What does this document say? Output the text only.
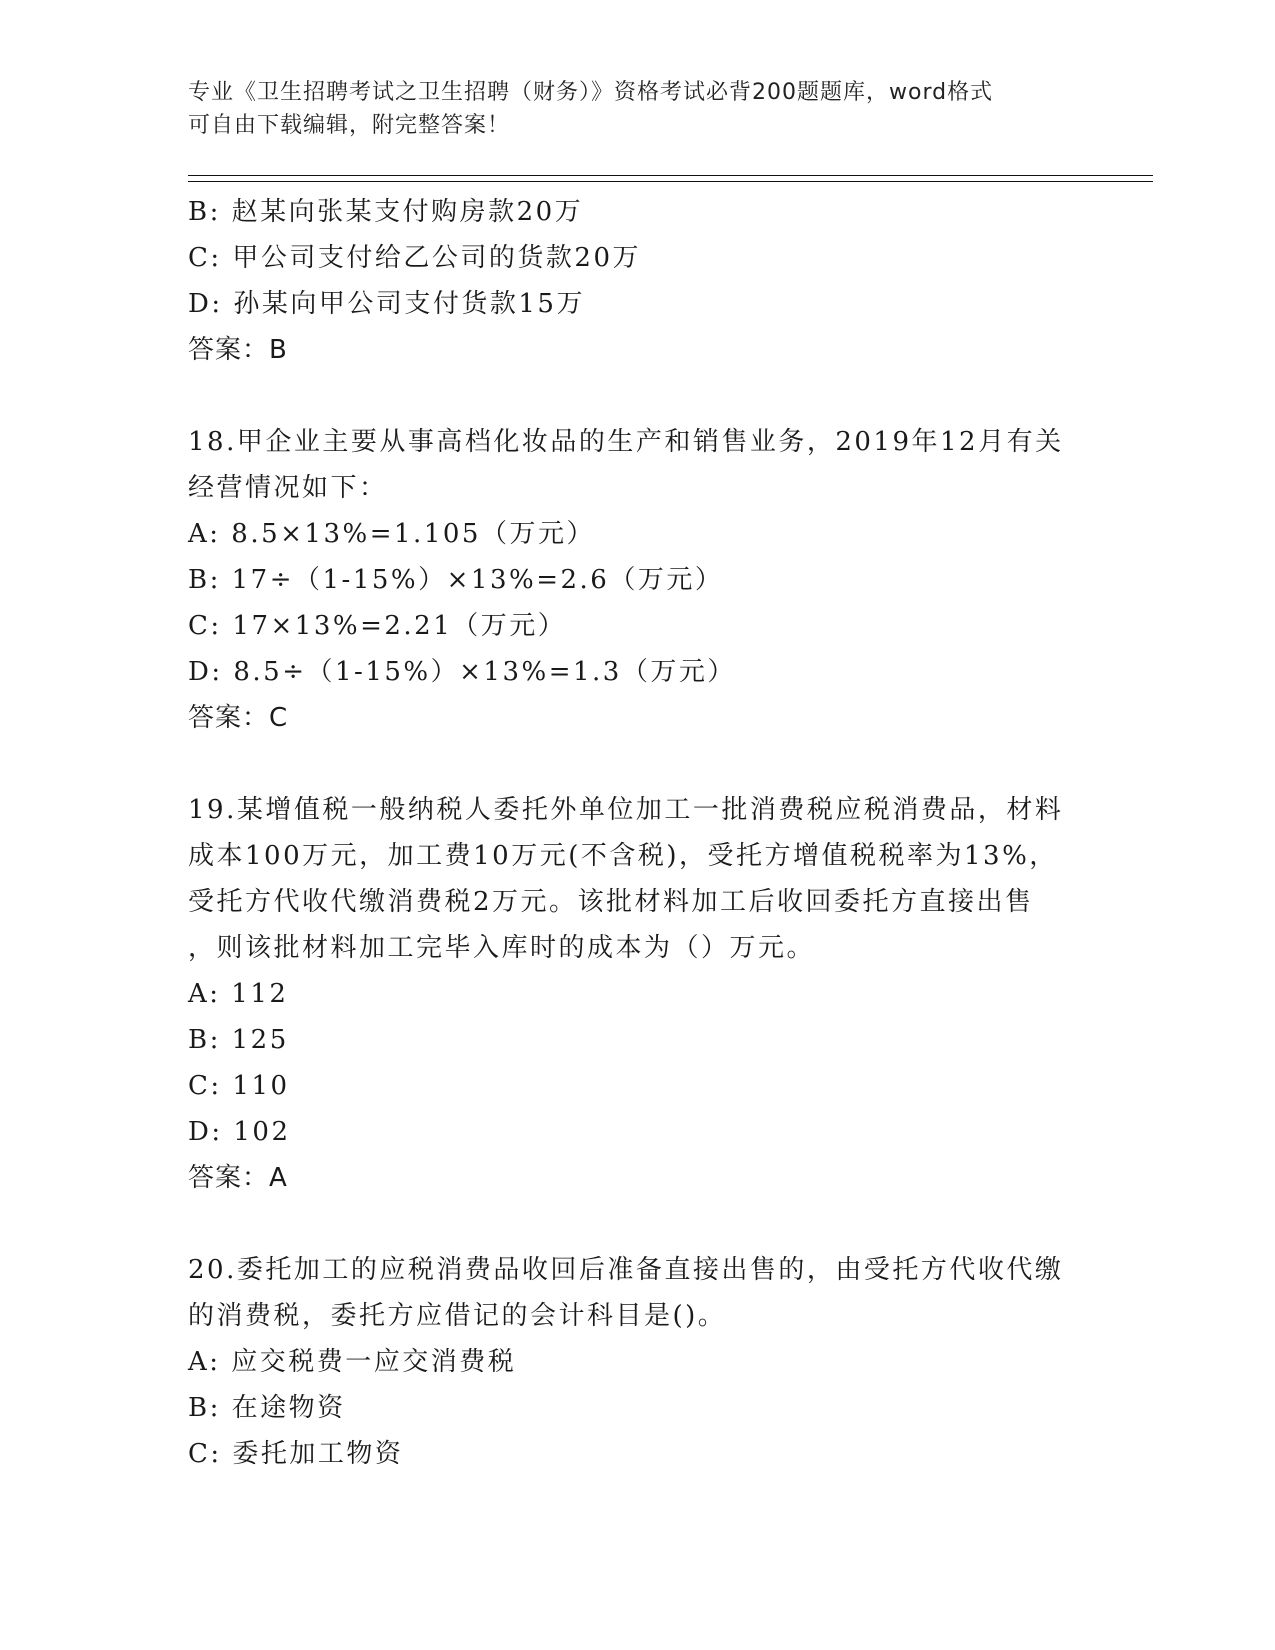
专业《卫生招聘考试之卫生招聘（财务）》资格考试必背200题题库，word格式
可自由下载编辑，附完整答案！
B: 赵某向张某支付购房款20万
C: 甲公司支付给乙公司的货款20万
D: 孙某向甲公司支付货款15万
答案：B
18.甲企业主要从事高档化妆品的生产和销售业务，2019年12月有关
经营情况如下：
A: 8.5×13%=1.105（万元）
B: 17÷（1-15%）×13%=2.6（万元）
C: 17×13%=2.21（万元）
D: 8.5÷（1-15%）×13%=1.3（万元）
答案：C
19.某增值税一般纳税人委托外单位加工一批消费税应税消费品，材料
成本100万元，加工费10万元(不含税)，受托方增值税税率为13%，
受托方代收代缴消费税2万元。该批材料加工后收回委托方直接出售
，则该批材料加工完毕入库时的成本为（）万元。
A: 112
B: 125
C: 110
D: 102
答案：A
20.委托加工的应税消费品收回后准备直接出售的，由受托方代收代缴
的消费税，委托方应借记的会计科目是()。
A: 应交税费一应交消费税
B: 在途物资
C: 委托加工物资
